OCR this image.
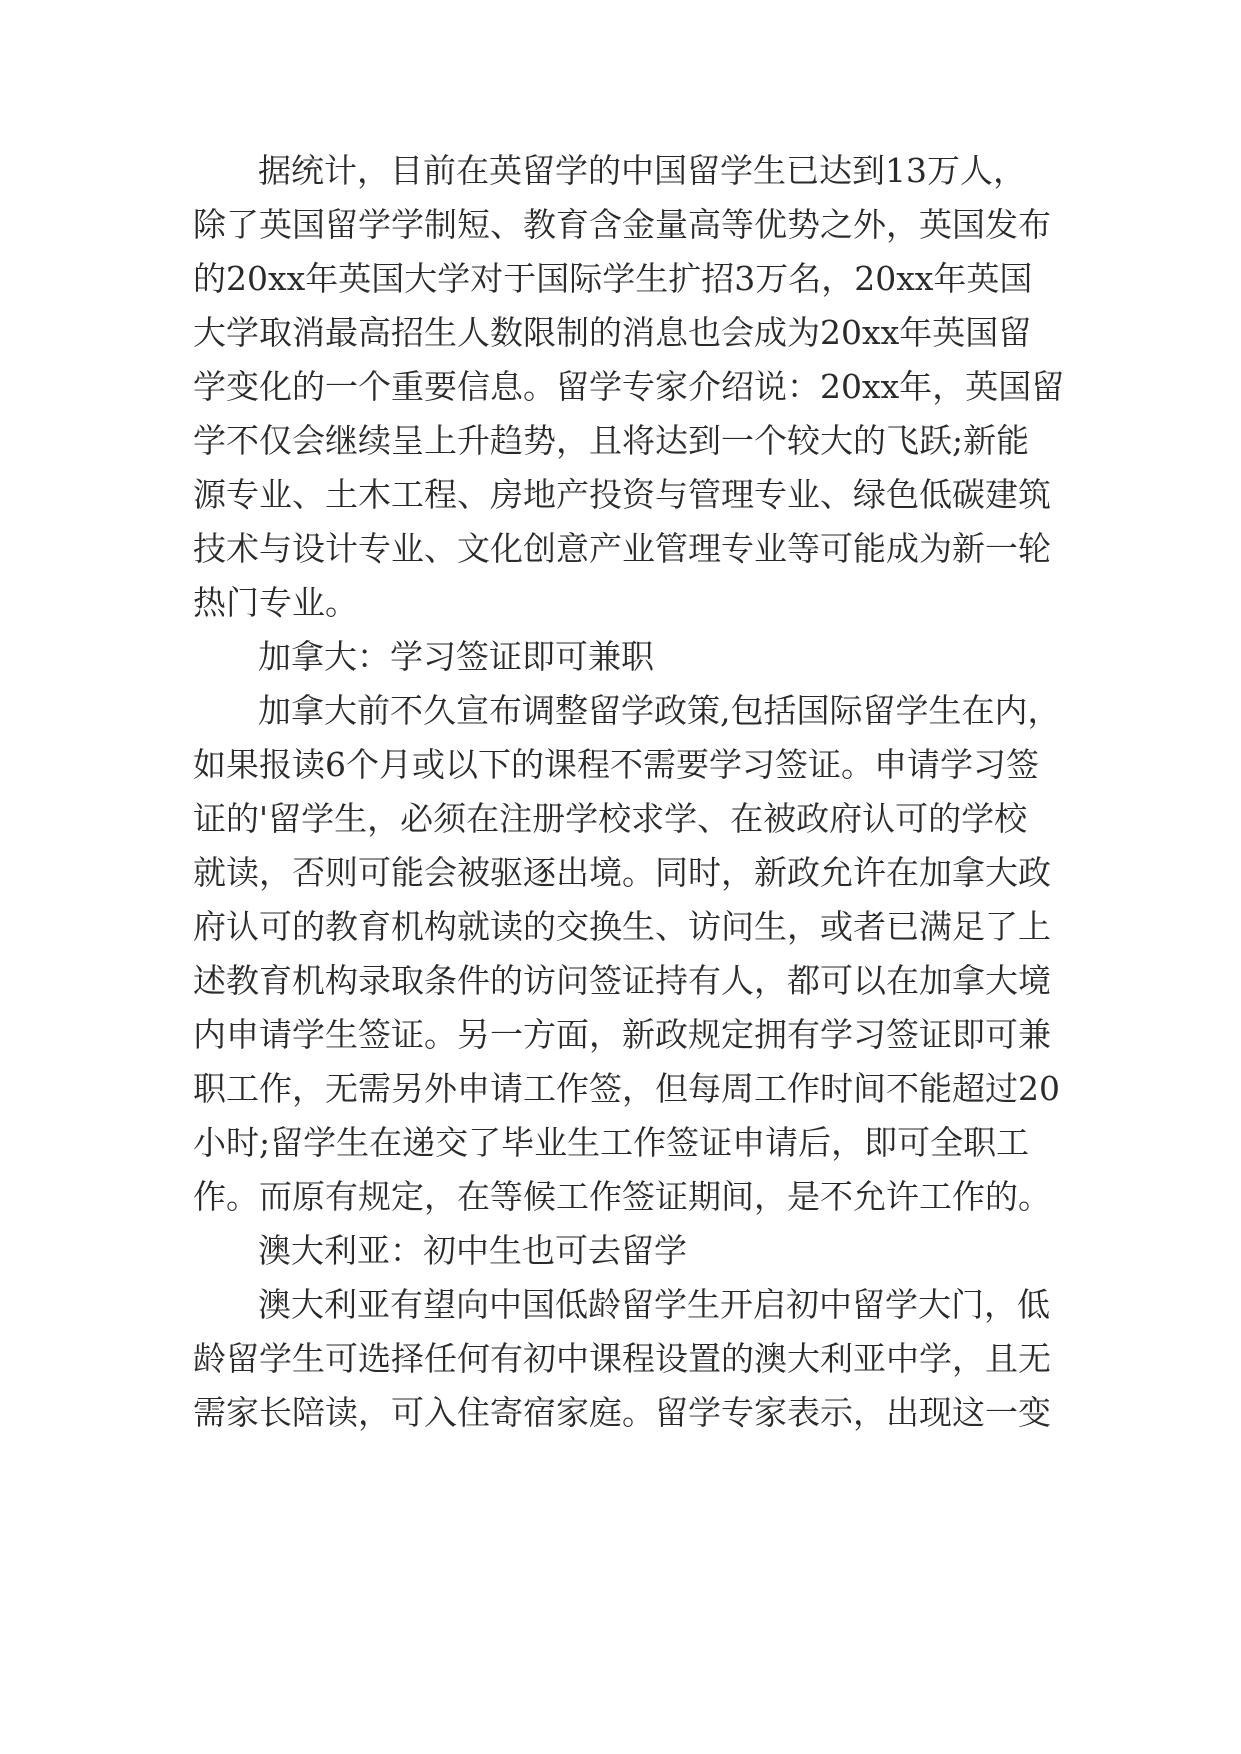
据统计，目前在英留学的中国留学生已达到13万人，
除了英国留学学制短、教育含金量高等优势之外，英国发布
的20xx年英国大学对于国际学生扩招3万名，20xx年英国
大学取消最高招生人数限制的消息也会成为20xx年英国留
学变化的一个重要信息。留学专家介绍说：20xx年，英国留
学不仅会继续呈上升趋势，且将达到一个较大的飞跃;新能
源专业、土木工程、房地产投资与管理专业、绿色低碳建筑
技术与设计专业、文化创意产业管理专业等可能成为新一轮
热门专业。
加拿大：学习签证即可兼职
加拿大前不久宣布调整留学政策,包括国际留学生在内，
如果报读6个月或以下的课程不需要学习签证。申请学习签
证的'留学生，必须在注册学校求学、在被政府认可的学校
就读，否则可能会被驱逐出境。同时，新政允许在加拿大政
府认可的教育机构就读的交换生、访问生，或者已满足了上
述教育机构录取条件的访问签证持有人，都可以在加拿大境
内申请学生签证。另一方面，新政规定拥有学习签证即可兼
职工作，无需另外申请工作签，但每周工作时间不能超过20
小时;留学生在递交了毕业生工作签证申请后，即可全职工
作。而原有规定，在等候工作签证期间，是不允许工作的。
澳大利亚：初中生也可去留学
澳大利亚有望向中国低龄留学生开启初中留学大门，低
龄留学生可选择任何有初中课程设置的澳大利亚中学，且无
需家长陪读，可入住寄宿家庭。留学专家表示，出现这一变
